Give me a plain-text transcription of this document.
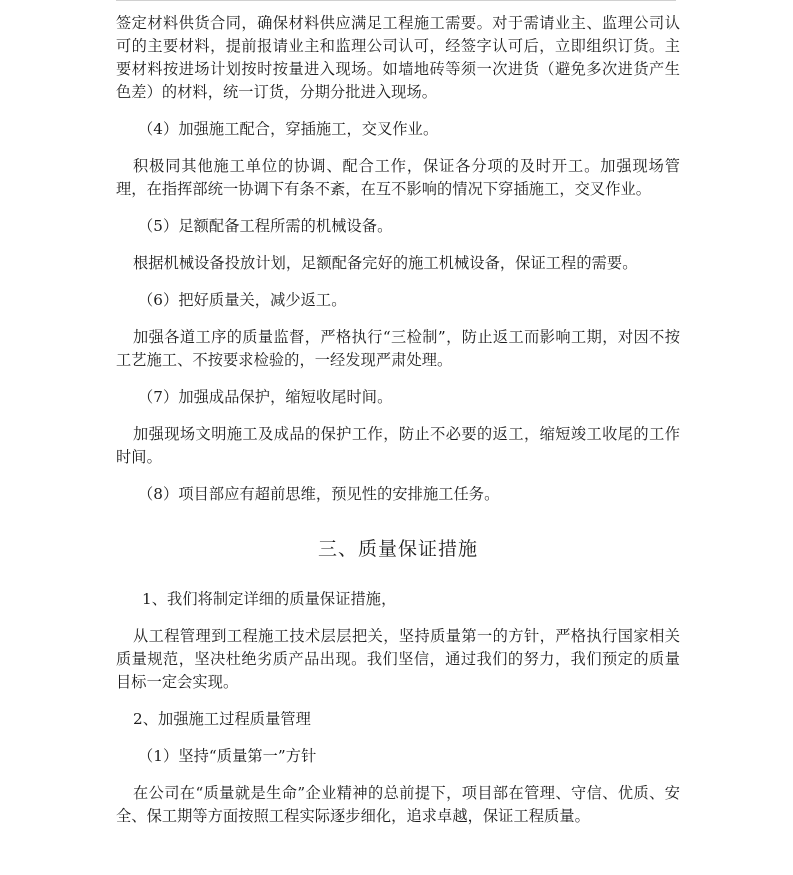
签定材料供货合同，确保材料供应满足工程施工需要。对于需请业主、监理公司认可的主要材料，提前报请业主和监理公司认可，经签字认可后，立即组织订货。主要材料按进场计划按时按量进入现场。如墙地砖等须一次进货（避免多次进货产生色差）的材料，统一订货，分期分批进入现场。

（4）加强施工配合，穿插施工，交叉作业。

积极同其他施工单位的协调、配合工作，保证各分项的及时开工。加强现场管理，在指挥部统一协调下有条不紊，在互不影响的情况下穿插施工，交叉作业。

（5）足额配备工程所需的机械设备。

根据机械设备投放计划，足额配备完好的施工机械设备，保证工程的需要。

（6）把好质量关，减少返工。

加强各道工序的质量监督，严格执行“三检制”，防止返工而影响工期，对因不按工艺施工、不按要求检验的，一经发现严肃处理。

（7）加强成品保护，缩短收尾时间。

加强现场文明施工及成品的保护工作，防止不必要的返工，缩短竣工收尾的工作时间。

（8）项目部应有超前思维，预见性的安排施工任务。

三、质量保证措施

1、我们将制定详细的质量保证措施，

从工程管理到工程施工技术层层把关，坚持质量第一的方针，严格执行国家相关质量规范，坚决杜绝劣质产品出现。我们坚信，通过我们的努力，我们预定的质量目标一定会实现。

2、加强施工过程质量管理

（1）坚持“质量第一”方针

在公司在“质量就是生命”企业精神的总前提下，项目部在管理、守信、优质、安全、保工期等方面按照工程实际逐步细化，追求卓越，保证工程质量。
